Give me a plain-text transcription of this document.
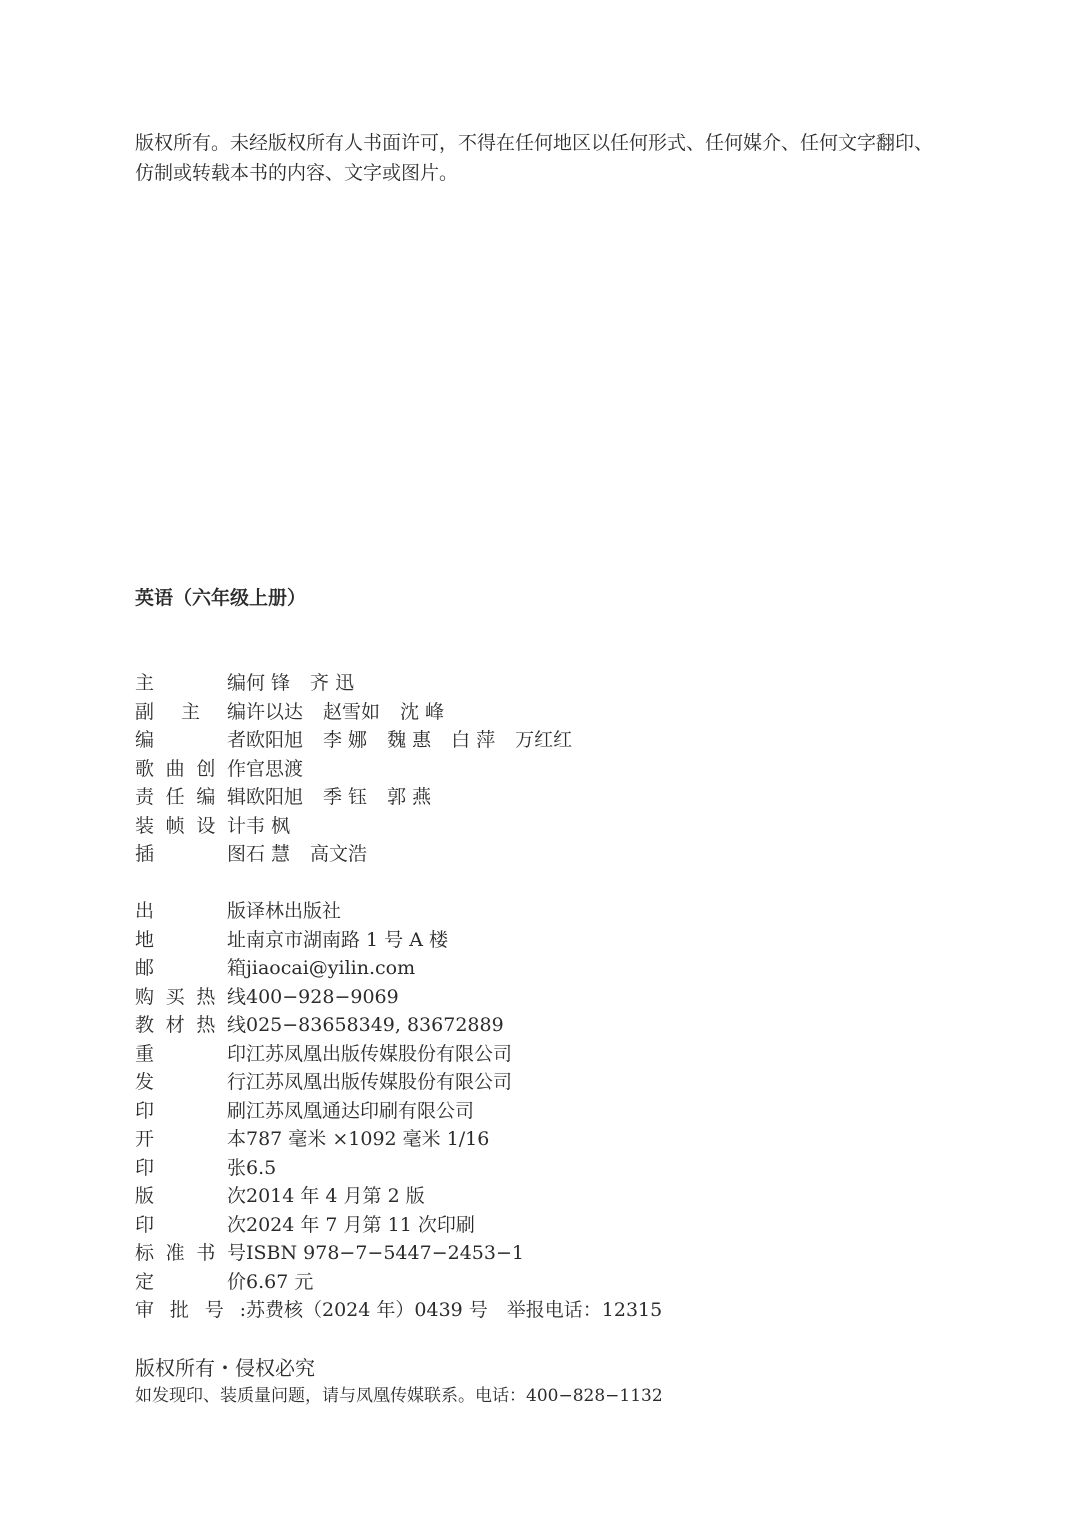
版权所有。未经版权所有人书面许可，不得在任何地区以任何形式、任何媒介、任何文字翻印、仿制或转载本书的内容、文字或图片。

英语（六年级上册）
主	编 何 锋 齐 迅
副 主 编 许以达 赵雪如 沈 峰
编	者 欧阳旭 李 娜 魏 惠 白 萍 万红红
歌 曲 创 作 官思渡
责 任 编 辑 欧阳旭 季 钰 郭 燕
装 帧 设 计 韦 枫
插	图 石 慧 高文浩
出	版 译林出版社
地	址 南京市湖南路 1 号 A 楼
邮	箱 jiaocai@yilin.com
购 买 热 线 400−928−9069
教 材 热 线 025−83658349, 83672889
重	印 江苏凤凰出版传媒股份有限公司
发	行 江苏凤凰出版传媒股份有限公司
印	刷 江苏凤凰通达印刷有限公司
开	本 787 毫米 ×1092 毫米 1/16
印	张 6.5
版	次 2014 年 4 月第 2 版
印	次 2024 年 7 月第 11 次印刷
标 准 书 号 ISBN 978−7−5447−2453−1
定	价 6.67 元
审 批 号 : 苏费核（2024 年）0439 号　举报电话：12315

版权所有・侵权必究

如发现印、装质量问题，请与凤凰传媒联系。电话：400−828−1132
